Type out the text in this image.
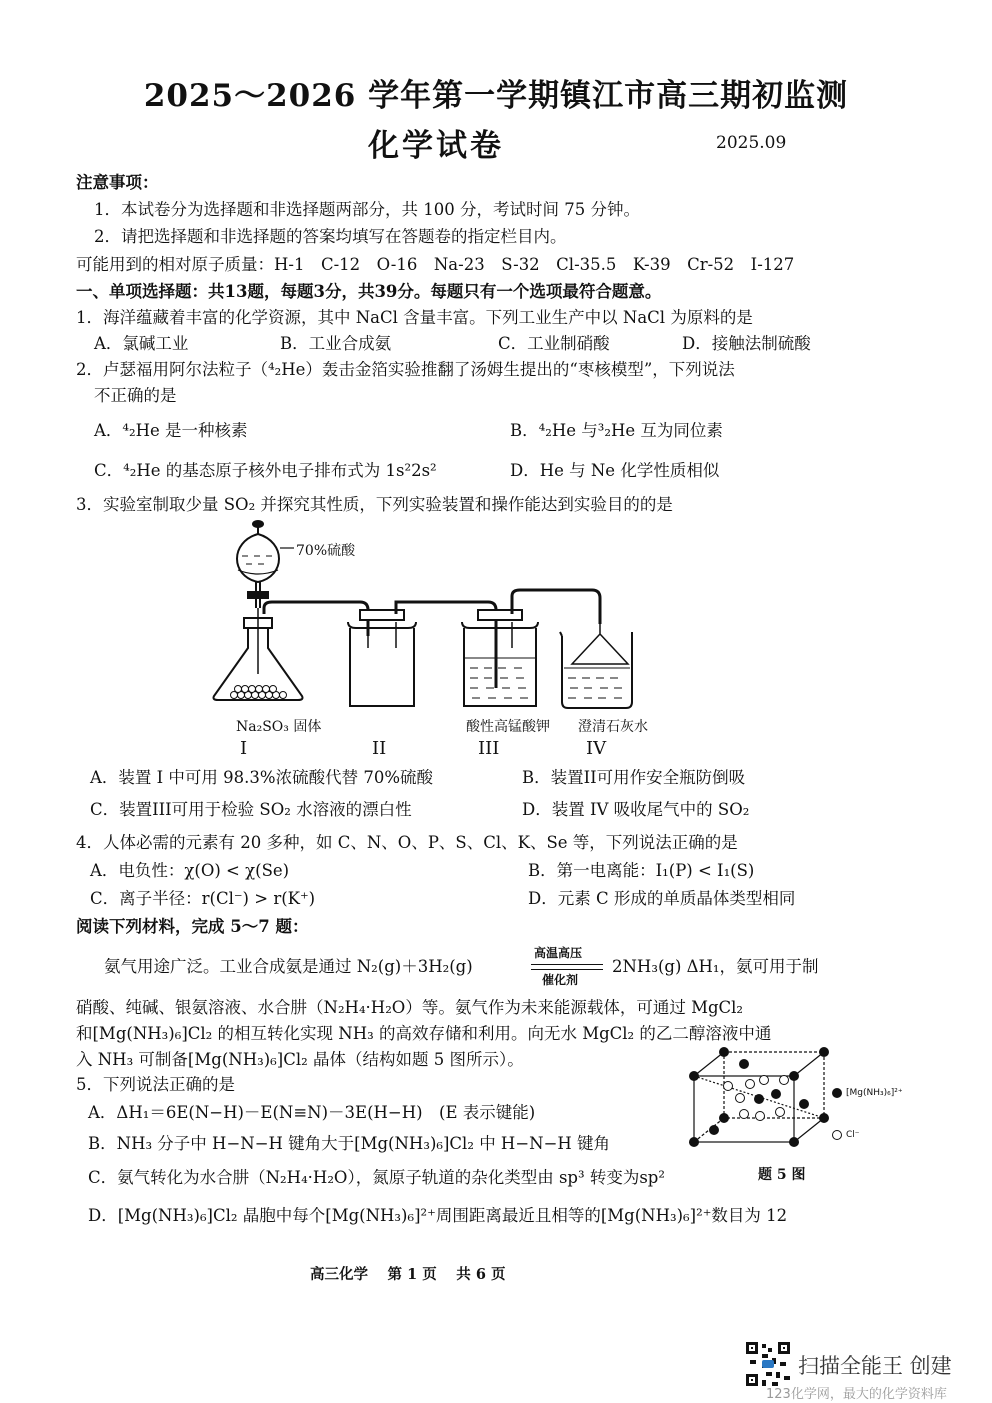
2025～2026 学年第一学期镇江市高三期初监测
化学试卷	2025.09
注意事项：
1．本试卷分为选择题和非选择题两部分，共 100 分，考试时间 75 分钟。
2．请把选择题和非选择题的答案均填写在答题卷的指定栏目内。
可能用到的相对原子质量：H-1　C-12　O-16　Na-23　S-32　Cl-35.5　K-39　Cr-52　I-127
一、单项选择题：共13题，每题3分，共39分。每题只有一个选项最符合题意。
1．海洋蕴藏着丰富的化学资源，其中 NaCl 含量丰富。下列工业生产中以 NaCl 为原料的是
A．氯碱工业	B．工业合成氨	C．工业制硝酸	D．接触法制硫酸
2．卢瑟福用阿尔法粒子（⁴₂He）轰击金箔实验推翻了汤姆生提出的“枣核模型”，下列说法
不正确的是
A．⁴₂He 是一种核素	B．⁴₂He 与³₂He 互为同位素
C．⁴₂He 的基态原子核外电子排布式为 1s²2s²	D．He 与 Ne 化学性质相似
3．实验室制取少量 SO₂ 并探究其性质，下列实验装置和操作能达到实验目的的是
70%硫酸
Na₂SO₃ 固体	酸性高锰酸钾 澄清石灰水
I	II	III	IV
A．装置 I 中可用 98.3%浓硫酸代替 70%硫酸	B．装置II可用作安全瓶防倒吸
C．装置III可用于检验 SO₂ 水溶液的漂白性	D．装置 IV 吸收尾气中的 SO₂
4．人体必需的元素有 20 多种，如 C、N、O、P、S、Cl、K、Se 等，下列说法正确的是
A．电负性：χ(O) < χ(Se)	B．第一电离能：I₁(P) < I₁(S)
C．离子半径：r(Cl⁻) > r(K⁺)	D．元素 C 形成的单质晶体类型相同
阅读下列材料，完成 5～7 题：
氨气用途广泛。工业合成氨是通过 N₂(g)＋3H₂(g)
高温高压
催化剂
2NH₃(g) ΔH₁，氨可用于制
硝酸、纯碱、银氨溶液、水合肼（N₂H₄·H₂O）等。氨气作为未来能源载体，可通过 MgCl₂
和[Mg(NH₃)₆]Cl₂ 的相互转化实现 NH₃ 的高效存储和利用。向无水 MgCl₂ 的乙二醇溶液中通
入 NH₃ 可制备[Mg(NH₃)₆]Cl₂ 晶体（结构如题 5 图所示）。
[Mg(NH₃)₆]²⁺
Cl⁻
题 5 图
5．下列说法正确的是
A．ΔH₁＝6E(N−H)－E(N≡N)－3E(H−H)　(E 表示键能)
B．NH₃ 分子中 H−N−H 键角大于[Mg(NH₃)₆]Cl₂ 中 H−N−H 键角
C．氨气转化为水合肼（N₂H₄·H₂O），氮原子轨道的杂化类型由 sp³ 转变为sp²
D．[Mg(NH₃)₆]Cl₂ 晶胞中每个[Mg(NH₃)₆]²⁺周围距离最近且相等的[Mg(NH₃)₆]²⁺数目为 12
高三化学　 第 1 页　 共 6 页
扫描全能王 创建
123化学网，最大的化学资料库
